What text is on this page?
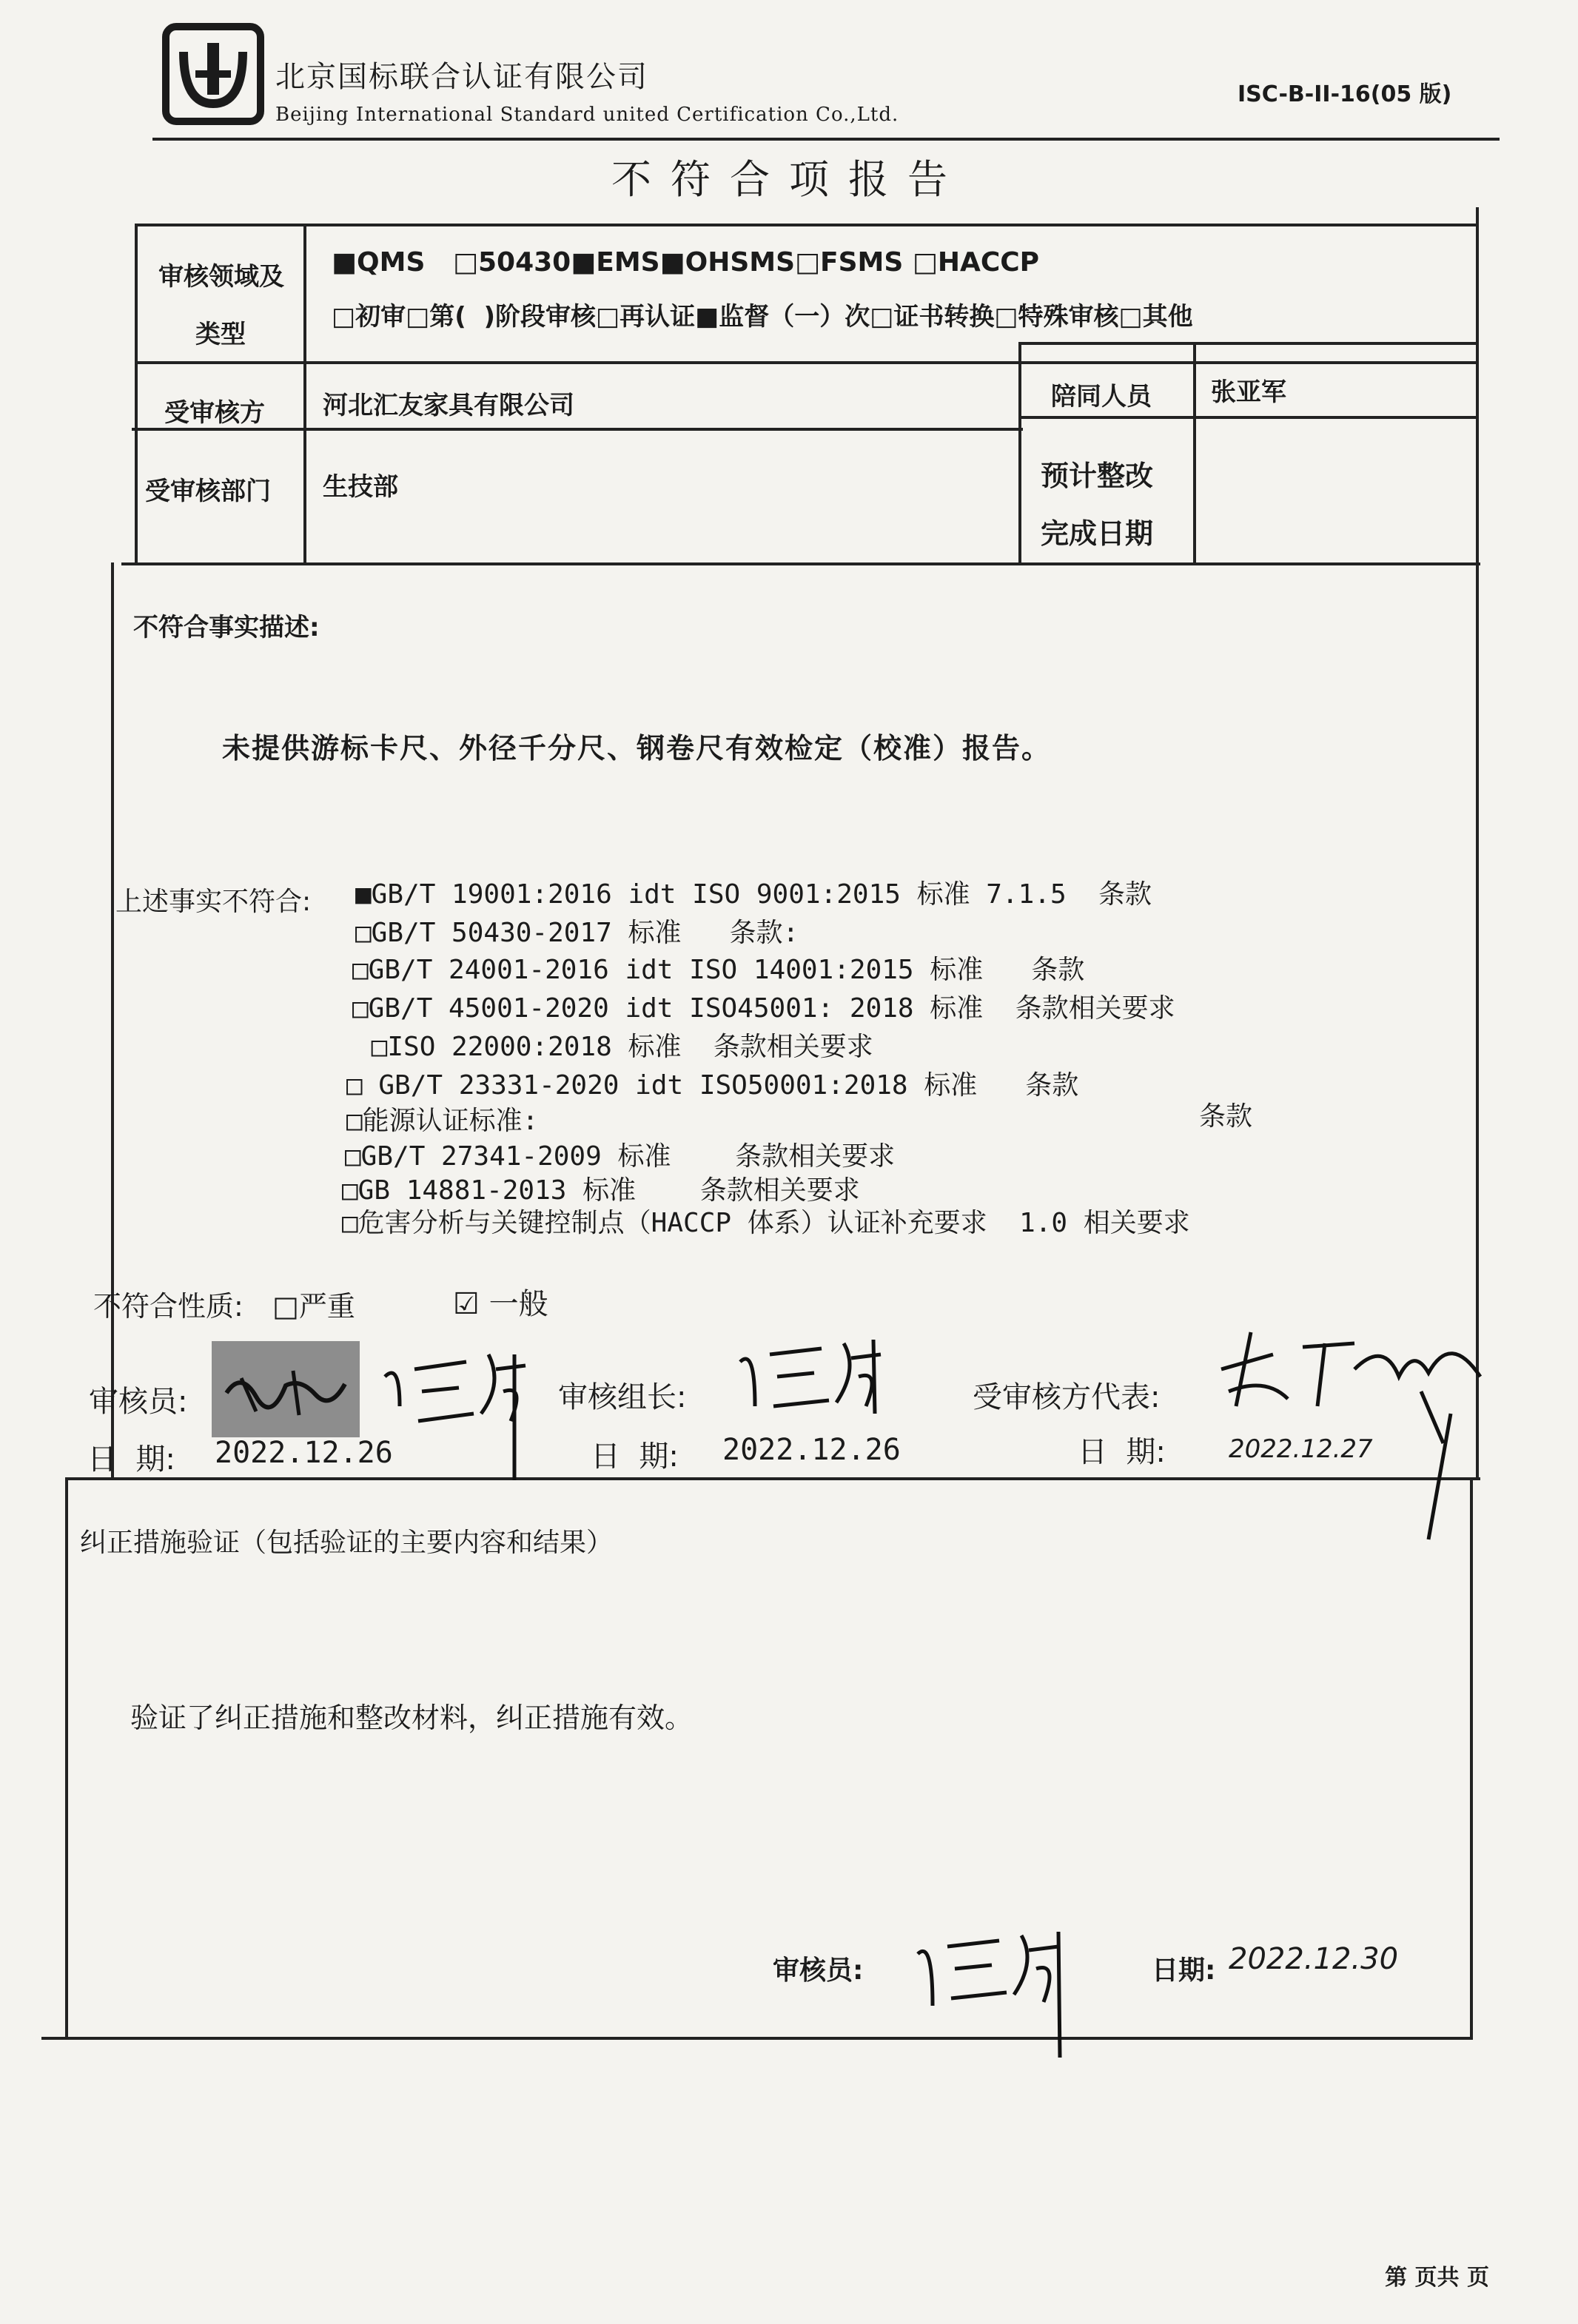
北京国标联合认证有限公司
Beijing International Standard united Certification Co.,Ltd.
ISC-B-II-16(05 版)
不符合项报告
审核领域及
类型
■QMS   □50430■EMS■OHSMS□FSMS □HACCP
□初审□第(  )阶段审核□再认证■监督（一）次□证书转换□特殊审核□其他
受审核方 河北汇友家具有限公司	陪同人员 张亚军
受审核部门 生技部	预计整改
完成日期
不符合事实描述:
未提供游标卡尺、外径千分尺、钢卷尺有效检定（校准）报告。
上述事实不符合: ■GB/T 19001:2016 idt ISO 9001:2015 标准 7.1.5  条款
□GB/T 50430-2017 标准   条款:
□GB/T 24001-2016 idt ISO 14001:2015 标准   条款
□GB/T 45001-2020 idt ISO45001: 2018 标准  条款相关要求
□ISO 22000:2018 标准  条款相关要求
□ GB/T 23331-2020 idt ISO50001:2018 标准   条款
□能源认证标准:
□GB/T 27341-2009 标准    条款相关要求
□GB 14881-2013 标准    条款相关要求
□危害分析与关键控制点（HACCP 体系）认证补充要求  1.0 相关要求
条款
不符合性质: □严重	☑ 一般
审核员:	审核组长:	受审核方代表:
日  期: 2022.12.26	日  期: 2022.12.26	日  期:	2022.12.27
纠正措施验证（包括验证的主要内容和结果）
验证了纠正措施和整改材料，纠正措施有效。
审核员:	日期: 2022.12.30
第 页共 页
